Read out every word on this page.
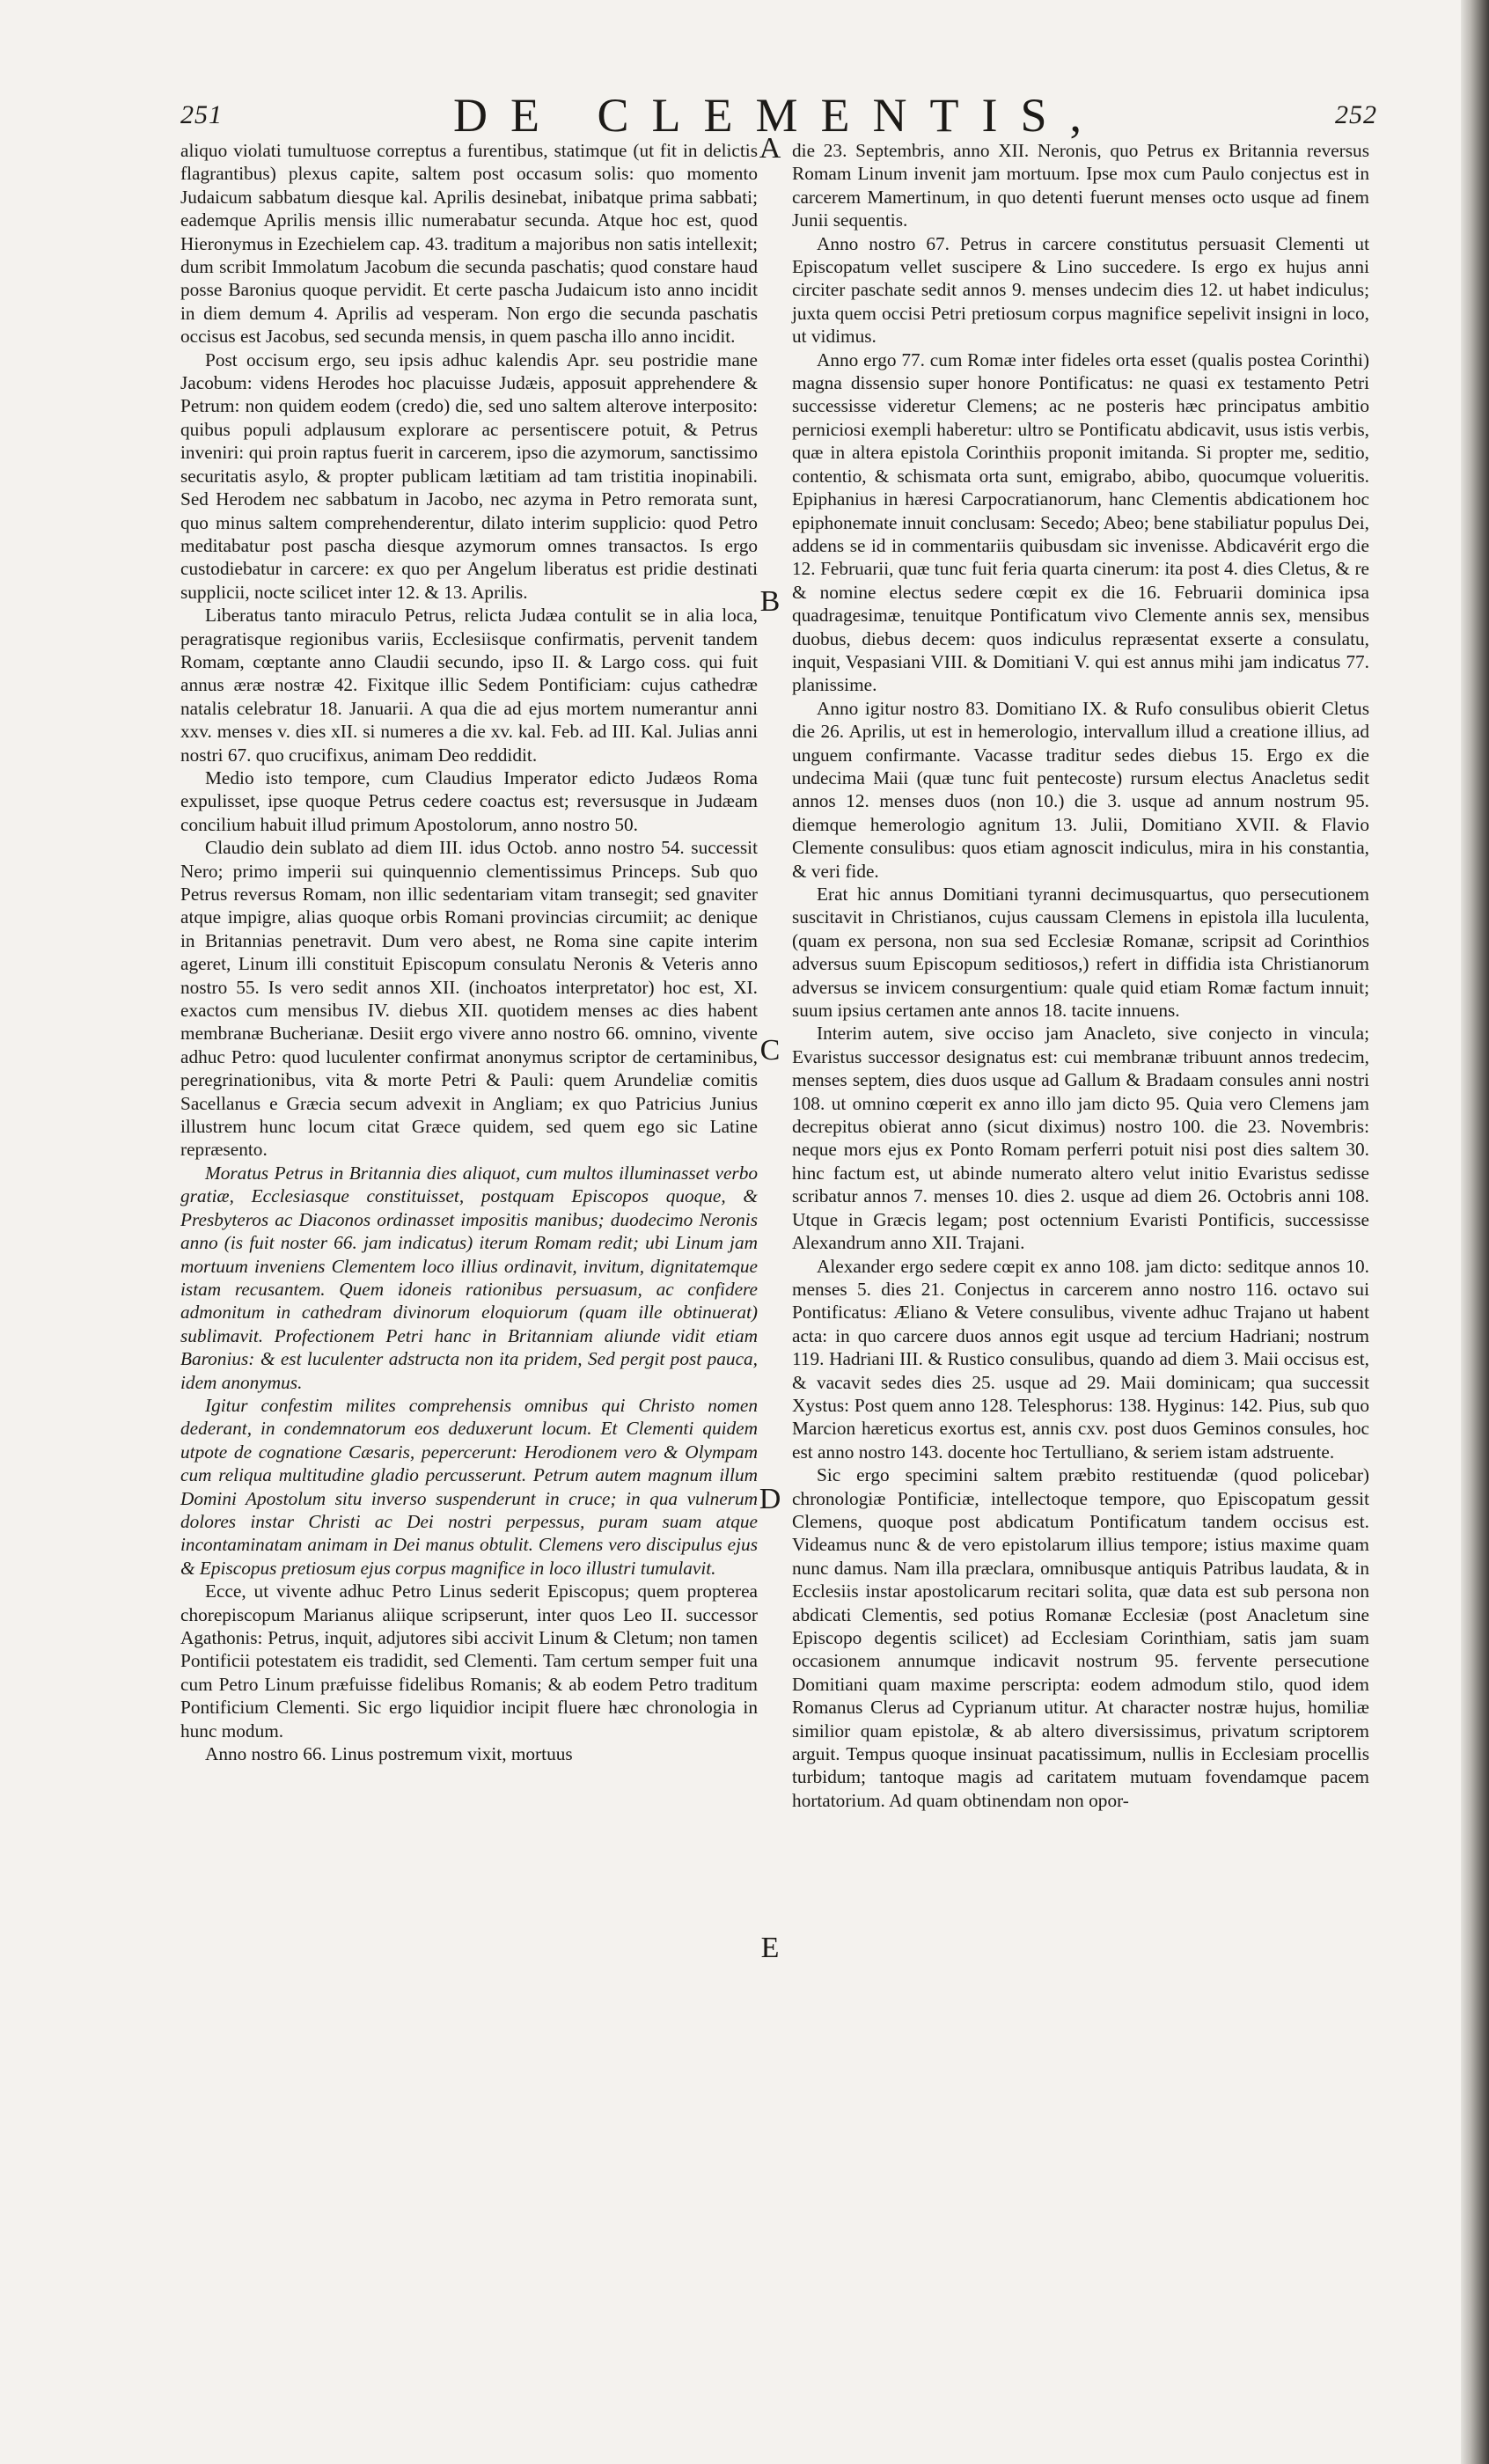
251	DE CLEMENTIS,	252

aliquo violati tumultuose correptus a furentibus, statimque (ut fit in delictis flagrantibus) plexus capite, saltem post occasum solis: quo momento Judaicum sabbatum diesque kal. Aprilis desinebat, inibatque prima sabbati; eademque Aprilis mensis illic numerabatur secunda. Atque hoc est, quod Hieronymus in Ezechielem cap. 43. traditum a majoribus non satis intellexit; dum scribit Immolatum Jacobum die secunda paschatis; quod constare haud posse Baronius quoque pervidit. Et certe pascha Judaicum isto anno incidit in diem demum 4. Aprilis ad vesperam. Non ergo die secunda paschatis occisus est Jacobus, sed secunda mensis, in quem pascha illo anno incidit.

Post occisum ergo, seu ipsis adhuc kalendis Apr. seu postridie mane Jacobum: videns Herodes hoc placuisse Judæis, apposuit apprehendere & Petrum: non quidem eodem (credo) die, sed uno saltem alterove interposito: quibus populi adplausum explorare ac persentiscere potuit, & Petrus inveniri: qui proin raptus fuerit in carcerem, ipso die azymorum, sanctissimo securitatis asylo, & propter publicam lætitiam ad tam tristitia inopinabili. Sed Herodem nec sabbatum in Jacobo, nec azyma in Petro remorata sunt, quo minus saltem comprehenderentur, dilato interim supplicio: quod Petro meditabatur post pascha diesque azymorum omnes transactos. Is ergo custodiebatur in carcere: ex quo per Angelum liberatus est pridie destinati supplicii, nocte scilicet inter 12. & 13. Aprilis.

Liberatus tanto miraculo Petrus, relicta Judæa contulit se in alia loca, peragratisque regionibus variis, Ecclesiisque confirmatis, pervenit tandem Romam, cœptante anno Claudii secundo, ipso II. & Largo coss. qui fuit annus æræ nostræ 42. Fixitque illic Sedem Pontificiam: cujus cathedræ natalis celebratur 18. Januarii. A qua die ad ejus mortem numerantur anni xxv. menses v. dies xII. si numeres a die xv. kal. Feb. ad III. Kal. Julias anni nostri 67. quo crucifixus, animam Deo reddidit.

Medio isto tempore, cum Claudius Imperator edicto Judæos Roma expulisset, ipse quoque Petrus cedere coactus est; reversusque in Judæam concilium habuit illud primum Apostolorum, anno nostro 50.

Claudio dein sublato ad diem III. idus Octob. anno nostro 54. successit Nero; primo imperii sui quinquennio clementissimus Princeps. Sub quo Petrus reversus Romam, non illic sedentariam vitam transegit; sed gnaviter atque impigre, alias quoque orbis Romani provincias circumiit; ac denique in Britannias penetravit. Dum vero abest, ne Roma sine capite interim ageret, Linum illi constituit Episcopum consulatu Neronis & Veteris anno nostro 55. Is vero sedit annos XII. (inchoatos interpretator) hoc est, XI. exactos cum mensibus IV. diebus XII. quotidem menses ac dies habent membranæ Bucherianæ. Desiit ergo vivere anno nostro 66. omnino, vivente adhuc Petro: quod luculenter confirmat anonymus scriptor de certaminibus, peregrinationibus, vita & morte Petri & Pauli: quem Arundeliæ comitis Sacellanus e Græcia secum advexit in Angliam; ex quo Patricius Junius illustrem hunc locum citat Græce quidem, sed quem ego sic Latine repræsento.

Moratus Petrus in Britannia dies aliquot, cum multos illuminasset verbo gratiæ, Ecclesiasque constituisset, postquam Episcopos quoque, & Presbyteros ac Diaconos ordinasset impositis manibus; duodecimo Neronis anno (is fuit noster 66. jam indicatus) iterum Romam redit; ubi Linum jam mortuum inveniens Clementem loco illius ordinavit, invitum, dignitatemque istam recusantem. Quem idoneis rationibus persuasum, ac confidere admonitum in cathedram divinorum eloquiorum (quam ille obtinuerat) sublimavit. Profectionem Petri hanc in Britanniam aliunde vidit etiam Baronius: & est luculenter adstructa non ita pridem, Sed pergit post pauca, idem anonymus.

Igitur confestim milites comprehensis omnibus qui Christo nomen dederant, in condemnatorum eos deduxerunt locum. Et Clementi quidem utpote de cognatione Cæsaris, pepercerunt: Herodionem vero & Olympam cum reliqua multitudine gladio percusserunt. Petrum autem magnum illum Domini Apostolum situ inverso suspenderunt in cruce; in qua vulnerum dolores instar Christi ac Dei nostri perpessus, puram suam atque incontaminatam animam in Dei manus obtulit. Clemens vero discipulus ejus & Episcopus pretiosum ejus corpus magnifice in loco illustri tumulavit.

Ecce, ut vivente adhuc Petro Linus sederit Episcopus; quem propterea chorepiscopum Marianus aliique scripserunt, inter quos Leo II. successor Agathonis: Petrus, inquit, adjutores sibi accivit Linum & Cletum; non tamen Pontificii potestatem eis tradidit, sed Clementi. Tam certum semper fuit una cum Petro Linum præfuisse fidelibus Romanis; & ab eodem Petro traditum Pontificium Clementi. Sic ergo liquidior incipit fluere hæc chronologia in hunc modum.

Anno nostro 66. Linus postremum vixit, mortuus

A
B
C
D
E

die 23. Septembris, anno XII. Neronis, quo Petrus ex Britannia reversus Romam Linum invenit jam mortuum. Ipse mox cum Paulo conjectus est in carcerem Mamertinum, in quo detenti fuerunt menses octo usque ad finem Junii sequentis.

Anno nostro 67. Petrus in carcere constitutus persuasit Clementi ut Episcopatum vellet suscipere & Lino succedere. Is ergo ex hujus anni circiter paschate sedit annos 9. menses undecim dies 12. ut habet indiculus; juxta quem occisi Petri pretiosum corpus magnifice sepelivit insigni in loco, ut vidimus.

Anno ergo 77. cum Romæ inter fideles orta esset (qualis postea Corinthi) magna dissensio super honore Pontificatus: ne quasi ex testamento Petri successisse videretur Clemens; ac ne posteris hæc principatus ambitio perniciosi exempli haberetur: ultro se Pontificatu abdicavit, usus istis verbis, quæ in altera epistola Corinthiis proponit imitanda. Si propter me, seditio, contentio, & schismata orta sunt, emigrabo, abibo, quocumque volueritis. Epiphanius in hæresi Carpocratianorum, hanc Clementis abdicationem hoc epiphonemate innuit conclusam: Secedo; Abeo; bene stabiliatur populus Dei, addens se id in commentariis quibusdam sic invenisse. Abdicavérit ergo die 12. Februarii, quæ tunc fuit feria quarta cinerum: ita post 4. dies Cletus, & re & nomine electus sedere cœpit ex die 16. Februarii dominica ipsa quadragesimæ, tenuitque Pontificatum vivo Clemente annis sex, mensibus duobus, diebus decem: quos indiculus repræsentat exserte a consulatu, inquit, Vespasiani VIII. & Domitiani V. qui est annus mihi jam indicatus 77. planissime.

Anno igitur nostro 83. Domitiano IX. & Rufo consulibus obierit Cletus die 26. Aprilis, ut est in hemerologio, intervallum illud a creatione illius, ad unguem confirmante. Vacasse traditur sedes diebus 15. Ergo ex die undecima Maii (quæ tunc fuit pentecoste) rursum electus Anacletus sedit annos 12. menses duos (non 10.) die 3. usque ad annum nostrum 95. diemque hemerologio agnitum 13. Julii, Domitiano XVII. & Flavio Clemente consulibus: quos etiam agnoscit indiculus, mira in his constantia, & veri fide.

Erat hic annus Domitiani tyranni decimusquartus, quo persecutionem suscitavit in Christianos, cujus caussam Clemens in epistola illa luculenta, (quam ex persona, non sua sed Ecclesiæ Romanæ, scripsit ad Corinthios adversus suum Episcopum seditiosos,) refert in diffidia ista Christianorum adversus se invicem consurgentium: quale quid etiam Romæ factum innuit; suum ipsius certamen ante annos 18. tacite innuens.

Interim autem, sive occiso jam Anacleto, sive conjecto in vincula; Evaristus successor designatus est: cui membranæ tribuunt annos tredecim, menses septem, dies duos usque ad Gallum & Bradaam consules anni nostri 108. ut omnino cœperit ex anno illo jam dicto 95. Quia vero Clemens jam decrepitus obierat anno (sicut diximus) nostro 100. die 23. Novembris: neque mors ejus ex Ponto Romam perferri potuit nisi post dies saltem 30. hinc factum est, ut abinde numerato altero velut initio Evaristus sedisse scribatur annos 7. menses 10. dies 2. usque ad diem 26. Octobris anni 108. Utque in Græcis legam; post octennium Evaristi Pontificis, successisse Alexandrum anno XII. Trajani.

Alexander ergo sedere cœpit ex anno 108. jam dicto: seditque annos 10. menses 5. dies 21. Conjectus in carcerem anno nostro 116. octavo sui Pontificatus: Æliano & Vetere consulibus, vivente adhuc Trajano ut habent acta: in quo carcere duos annos egit usque ad tercium Hadriani; nostrum 119. Hadriani III. & Rustico consulibus, quando ad diem 3. Maii occisus est, & vacavit sedes dies 25. usque ad 29. Maii dominicam; qua successit Xystus: Post quem anno 128. Telesphorus: 138. Hyginus: 142. Pius, sub quo Marcion hæreticus exortus est, annis cxv. post duos Geminos consules, hoc est anno nostro 143. docente hoc Tertulliano, & seriem istam adstruente.

Sic ergo specimini saltem præbito restituendæ (quod policebar) chronologiæ Pontificiæ, intellectoque tempore, quo Episcopatum gessit Clemens, quoque post abdicatum Pontificatum tandem occisus est. Videamus nunc & de vero epistolarum illius tempore; istius maxime quam nunc damus. Nam illa præclara, omnibusque antiquis Patribus laudata, & in Ecclesiis instar apostolicarum recitari solita, quæ data est sub persona non abdicati Clementis, sed potius Romanæ Ecclesiæ (post Anacletum sine Episcopo degentis scilicet) ad Ecclesiam Corinthiam, satis jam suam occasionem annumque indicavit nostrum 95. fervente persecutione Domitiani quam maxime perscripta: eodem admodum stilo, quod idem Romanus Clerus ad Cyprianum utitur. At character nostræ hujus, homiliæ similior quam epistolæ, & ab altero diversissimus, privatum scriptorem arguit. Tempus quoque insinuat pacatissimum, nullis in Ecclesiam procellis turbidum; tantoque magis ad caritatem mutuam fovendamque pacem hortatorium. Ad quam obtinendam non opor-
